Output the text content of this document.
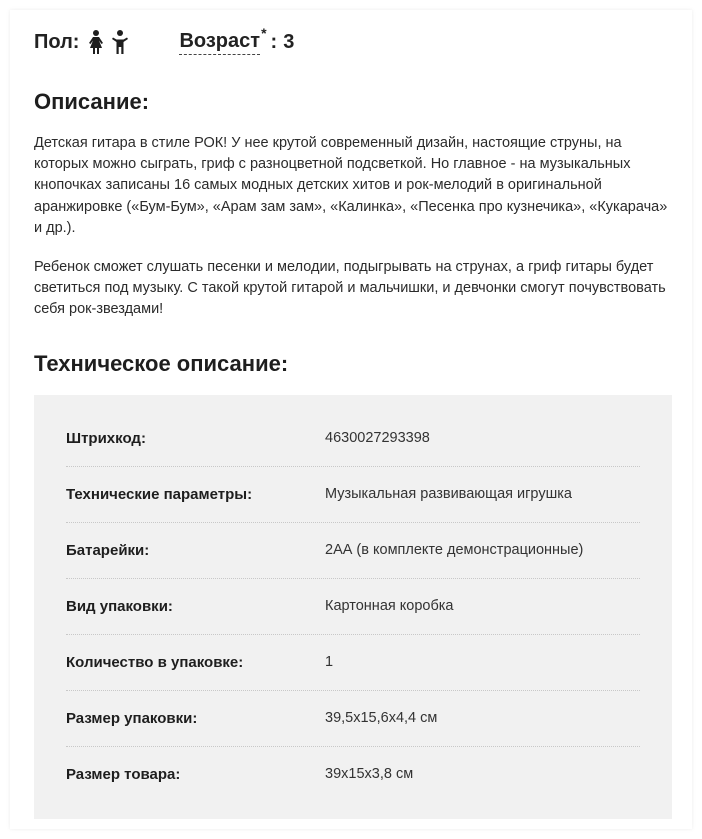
Пол:	Возраст * : 3
Описание:

Детская гитара в стиле РОК! У нее крутой современный дизайн, настоящие струны, на которых можно сыграть, гриф с разноцветной подсветкой. Но главное - на музыкальных кнопочках записаны 16 самых модных детских хитов и рок-мелодий в оригинальной аранжировке («Бум-Бум», «Арам зам зам», «Калинка», «Песенка про кузнечика», «Кукарача» и др.).

Ребенок сможет слушать песенки и мелодии, подыгрывать на струнах, а гриф гитары будет светиться под музыку. С такой крутой гитарой и мальчишки, и девчонки смогут почувствовать себя рок-звездами!

Техническое описание:
Штрихкод:	4630027293398
Технические параметры:	Музыкальная развивающая игрушка
Батарейки:	2АА (в комплекте демонстрационные)
Вид упаковки:	Картонная коробка
Количество в упаковке:	1
Размер упаковки:	39,5х15,6х4,4 см
Размер товара:	39х15х3,8 см
